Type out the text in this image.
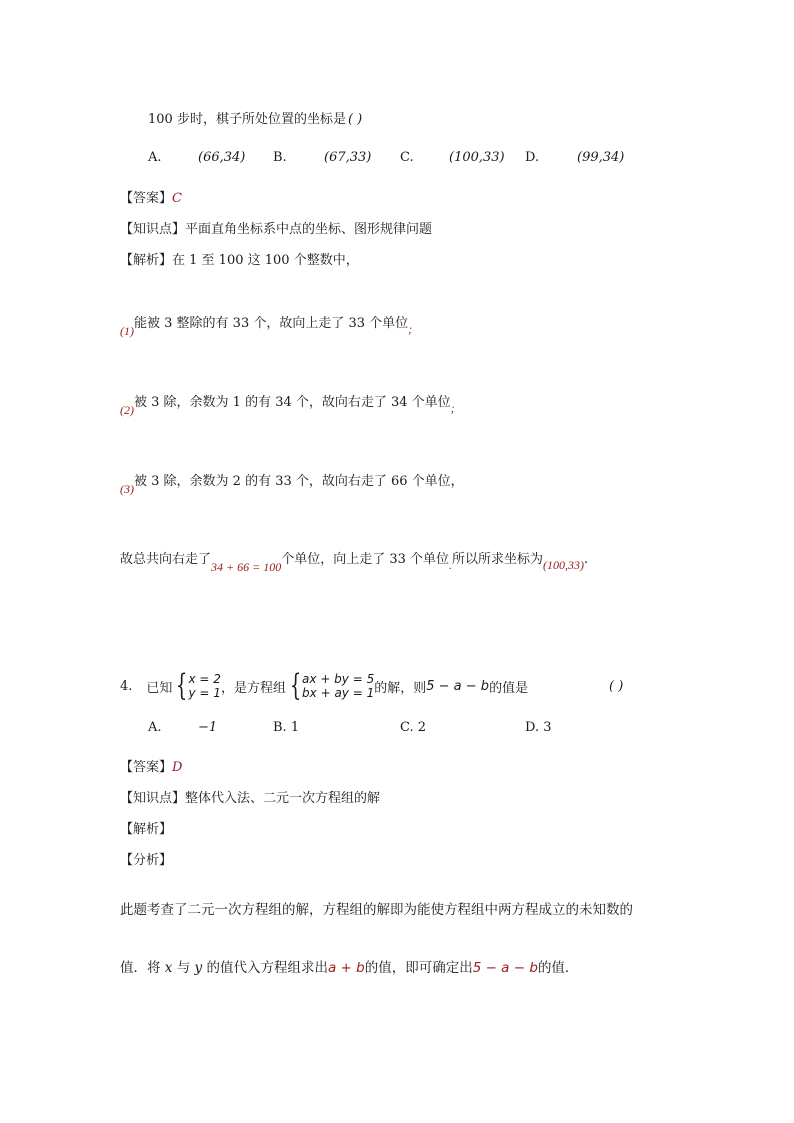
100 步时，棋子所处位置的坐标是 ( )
A.	(66,34) B.	(67,33) C.	(100,33) D.	(99,34)
【答案】C
【知识点】平面直角坐标系中点的坐标、图形规律问题
【解析】在 1 至 100 这 100 个整数中，
(1)能被 3 整除的有 33 个，故向上走了 33 个单位;
(2)被 3 除，余数为 1 的有 34 个，故向右走了 34 个单位;
(3)被 3 除，余数为 2 的有 33 个，故向右走了 66 个单位，
故总共向右走了34 + 66 = 100个单位，向上走了 33 个单位.所以所求坐标为(100,33).
4. 已知 { x = 2
y = 1 ，是方程组 { ax + by = 5
bx + ay = 1 的解，则 5 − a − b 的值是	( )
A.	−1	B. 1	C. 2	D. 3
【答案】D
【知识点】整体代入法、二元一次方程组的解
【解析】
【分析】
此题考查了二元一次方程组的解，方程组的解即为能使方程组中两方程成立的未知数的
值．将 x 与 y 的值代入方程组求出a + b的值，即可确定出5 − a − b的值．
